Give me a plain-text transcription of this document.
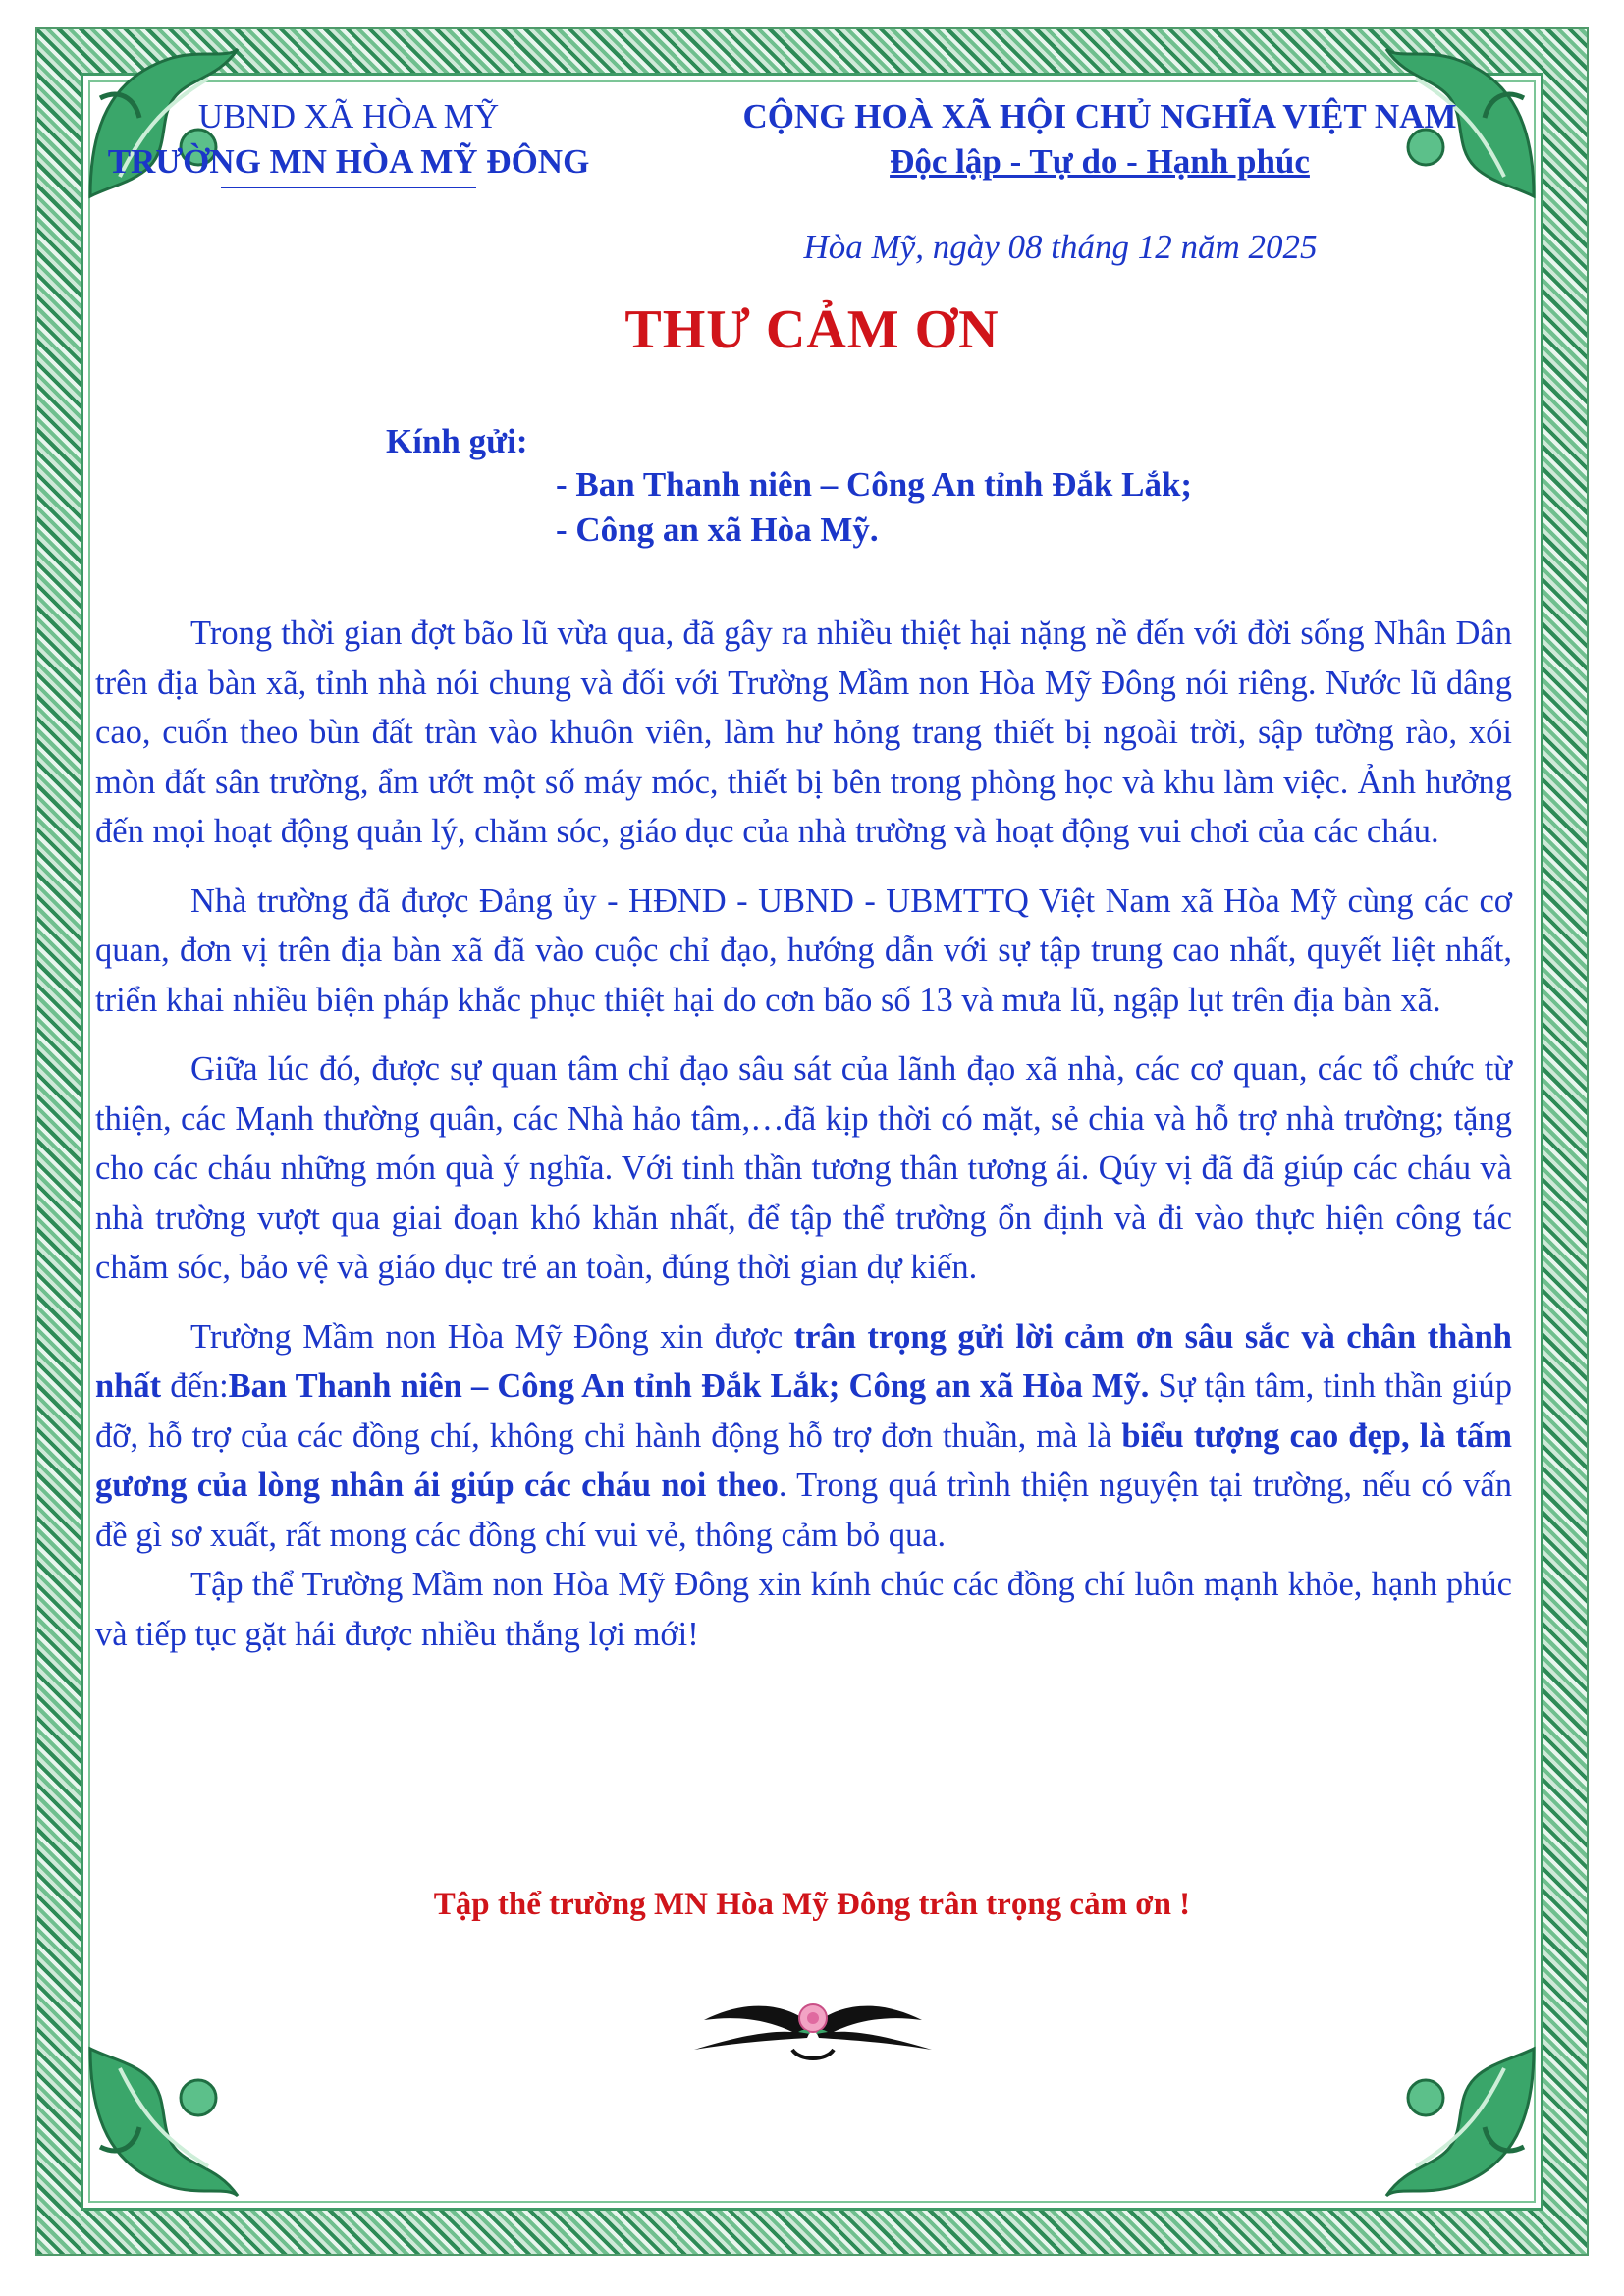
UBND XÃ HÒA MỸ
TRƯỜNG MN HÒA MỸ ĐÔNG
CỘNG HOÀ XÃ HỘI CHỦ NGHĨA VIỆT NAM
Độc lập - Tự do - Hạnh phúc
Hòa Mỹ, ngày 08 tháng 12 năm 2025
THƯ CẢM ƠN
Kính gửi:
- Ban Thanh niên – Công An tỉnh Đắk Lắk;
- Công an xã Hòa Mỹ.

Trong thời gian đợt bão lũ vừa qua, đã gây ra nhiều thiệt hại nặng nề đến với đời sống Nhân Dân trên địa bàn xã, tỉnh nhà nói chung và đối với Trường Mầm non Hòa Mỹ Đông nói riêng. Nước lũ dâng cao, cuốn theo bùn đất tràn vào khuôn viên, làm hư hỏng trang thiết bị ngoài trời, sập tường rào, xói mòn đất sân trường, ẩm ướt một số máy móc, thiết bị bên trong phòng học và khu làm việc. Ảnh hưởng đến mọi hoạt động quản lý, chăm sóc, giáo dục của nhà trường và hoạt động vui chơi của các cháu.

Nhà trường đã được Đảng ủy - HĐND - UBND - UBMTTQ Việt Nam xã Hòa Mỹ cùng các cơ quan, đơn vị trên địa bàn xã đã vào cuộc chỉ đạo, hướng dẫn với sự tập trung cao nhất, quyết liệt nhất, triển khai nhiều biện pháp khắc phục thiệt hại do cơn bão số 13 và mưa lũ, ngập lụt trên địa bàn xã.

Giữa lúc đó, được sự quan tâm chỉ đạo sâu sát của lãnh đạo xã nhà, các cơ quan, các tổ chức từ thiện, các Mạnh thường quân, các Nhà hảo tâm,…đã kịp thời có mặt, sẻ chia và hỗ trợ nhà trường; tặng cho các cháu những món quà ý nghĩa. Với tinh thần tương thân tương ái. Qúy vị đã đã giúp các cháu và nhà trường vượt qua giai đoạn khó khăn nhất, để tập thể trường ổn định và đi vào thực hiện công tác chăm sóc, bảo vệ và giáo dục trẻ an toàn, đúng thời gian dự kiến.

Trường Mầm non Hòa Mỹ Đông xin được trân trọng gửi lời cảm ơn sâu sắc và chân thành nhất đến:Ban Thanh niên – Công An tỉnh Đắk Lắk; Công an xã Hòa Mỹ. Sự tận tâm, tinh thần giúp đỡ, hỗ trợ của các đồng chí, không chỉ hành động hỗ trợ đơn thuần, mà là biểu tượng cao đẹp, là tấm gương của lòng nhân ái giúp các cháu noi theo. Trong quá trình thiện nguyện tại trường, nếu có vấn đề gì sơ xuất, rất mong các đồng chí vui vẻ, thông cảm bỏ qua.

Tập thể Trường Mầm non Hòa Mỹ Đông xin kính chúc các đồng chí luôn mạnh khỏe, hạnh phúc và tiếp tục gặt hái được nhiều thắng lợi mới!

Tập thể trường MN Hòa Mỹ Đông trân trọng cảm ơn !
